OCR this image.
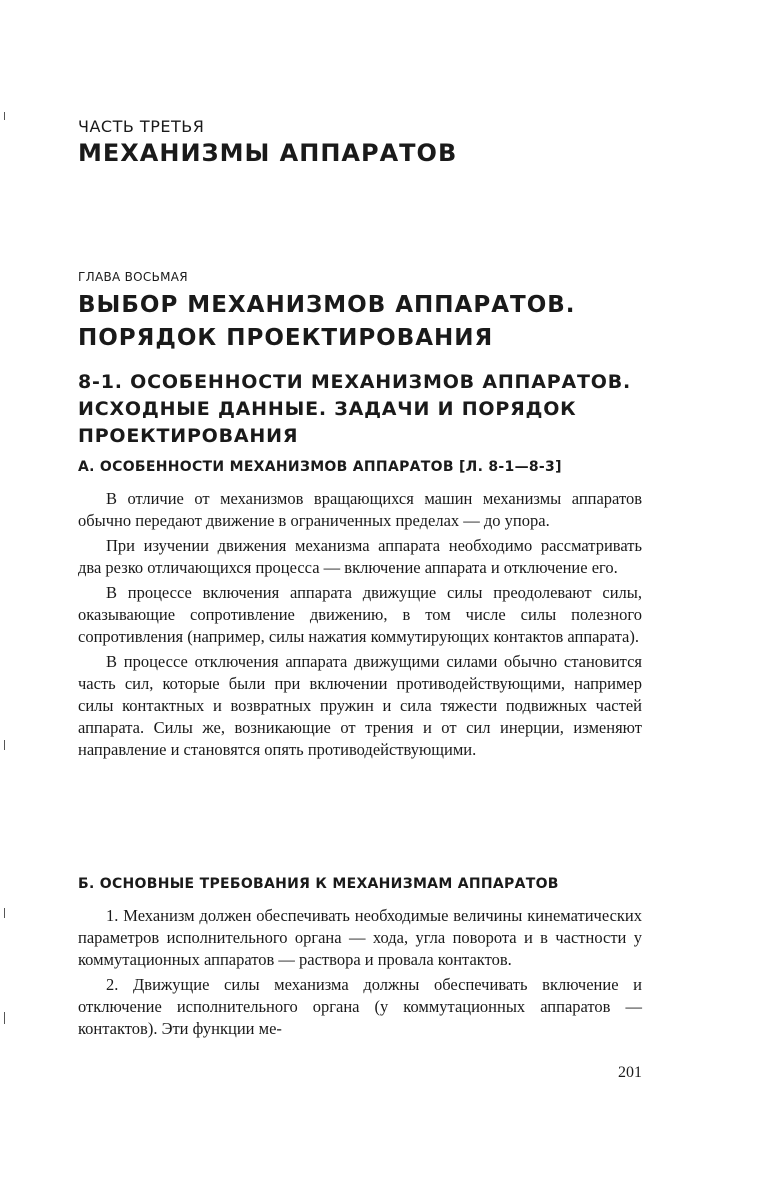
ЧАСТЬ ТРЕТЬЯ
МЕХАНИЗМЫ АППАРАТОВ
ГЛАВА ВОСЬМАЯ
ВЫБОР МЕХАНИЗМОВ АППАРАТОВ.
ПОРЯДОК ПРОЕКТИРОВАНИЯ
8-1. ОСОБЕННОСТИ МЕХАНИЗМОВ АППАРАТОВ.
ИСХОДНЫЕ ДАННЫЕ. ЗАДАЧИ И ПОРЯДОК
ПРОЕКТИРОВАНИЯ
А. ОСОБЕННОСТИ МЕХАНИЗМОВ АППАРАТОВ [Л. 8-1—8-3]

В отличие от механизмов вращающихся машин механизмы аппаратов обычно передают движение в ограниченных пределах — до упора.

При изучении движения механизма аппарата необходимо рассматривать два резко отличающихся процесса — включение аппарата и отключение его.

В процессе включения аппарата движущие силы преодолевают силы, оказывающие сопротивление движению, в том числе силы полезного сопротивления (например, силы нажатия коммутирующих контактов аппарата).

В процессе отключения аппарата движущими силами обычно становится часть сил, которые были при включении противодействующими, например силы контактных и возвратных пружин и сила тяжести подвижных частей аппарата. Силы же, возникающие от трения и от сил инерции, изменяют направление и становятся опять противодействующими.

Б. ОСНОВНЫЕ ТРЕБОВАНИЯ К МЕХАНИЗМАМ АППАРАТОВ

1. Механизм должен обеспечивать необходимые величины кинематических параметров исполнительного органа — хода, угла поворота и в частности у коммутационных аппаратов — раствора и провала контактов.

2. Движущие силы механизма должны обеспечивать включение и отключение исполнительного органа (у коммутационных аппаратов — контактов). Эти функции ме-

201
